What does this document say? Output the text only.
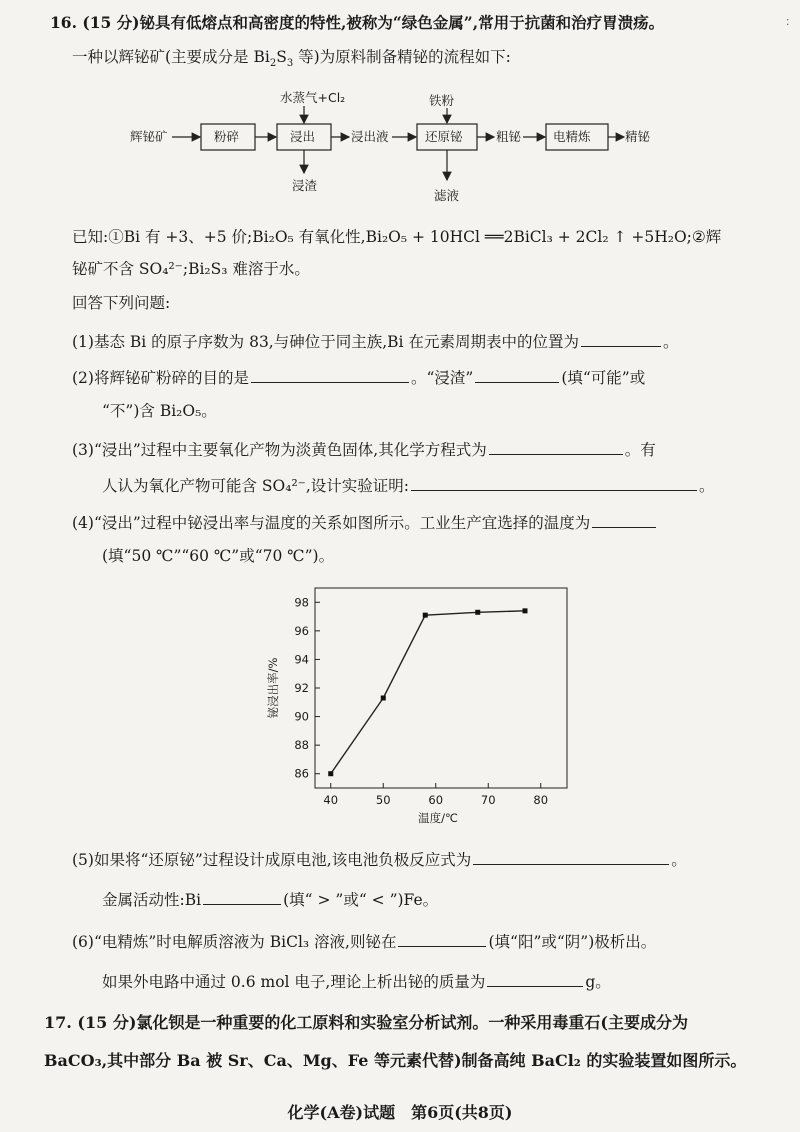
：
16. (15 分)铋具有低熔点和高密度的特性,被称为“绿色金属”,常用于抗菌和治疗胃溃疡。
一种以辉铋矿(主要成分是 $Bi_2S_3$ 等)为原料制备精铋的流程如下:
辉铋矿	粉碎	浸出
水蒸气+Cl₂
浸渣
浸出液	还原铋
铁粉
滤液
粗铋	电精炼	精铋
已知:①Bi 有 +3、+5 价;Bi₂O₅ 有氧化性,Bi₂O₅ + 10HCl ══2BiCl₃ + 2Cl₂ ↑ +5H₂O;②辉
铋矿不含 SO₄²⁻;Bi₂S₃ 难溶于水。
回答下列问题:
(1)基态 Bi 的原子序数为 83,与砷位于同主族,Bi 在元素周期表中的位置为	。
(2)将辉铋矿粉碎的目的是	。“浸渣”	(填“可能”或
“不”)含 Bi₂O₅。
(3)“浸出”过程中主要氧化产物为淡黄色固体,其化学方程式为	。有
人认为氧化产物可能含 SO₄²⁻,设计实验证明:	。
(4)“浸出”过程中铋浸出率与温度的关系如图所示。工业生产宜选择的温度为
(填“50 ℃”“60 ℃”或“70 ℃”)。
86
88
90
92
94
96
98
40	50	60	70	80
温度/℃
铋浸出率/%
(5)如果将“还原铋”过程设计成原电池,该电池负极反应式为	。
金属活动性:Bi	(填“ > ”或“ < ”)Fe。
(6)“电精炼”时电解质溶液为 BiCl₃ 溶液,则铋在	(填“阳”或“阴”)极析出。
如果外电路中通过 0.6 mol 电子,理论上析出铋的质量为	g。
17. (15 分)氯化钡是一种重要的化工原料和实验室分析试剂。一种采用毒重石(主要成分为
BaCO₃,其中部分 Ba 被 Sr、Ca、Mg、Fe 等元素代替)制备高纯 BaCl₂ 的实验装置如图所示。
化学(A卷)试题　第6页(共8页)
